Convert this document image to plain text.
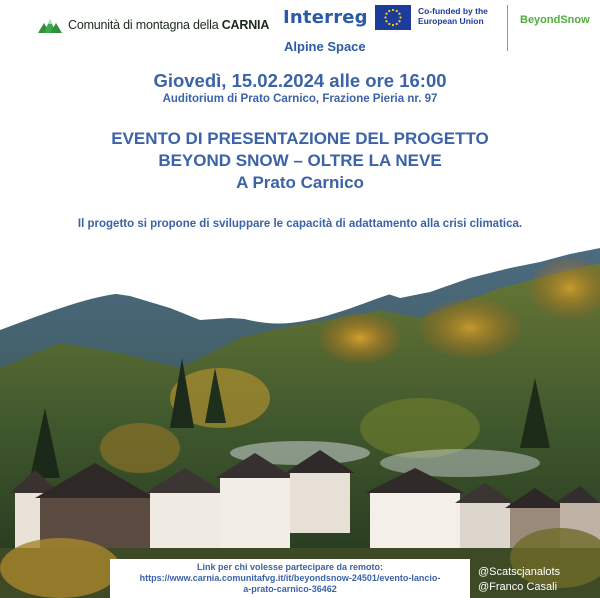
Comunità di montagna della CARNIA Interreg
Alpine Space
Co-funded by the European Union	BeyondSnow
Giovedì, 15.02.2024 alle ore 16:00
Auditorium di Prato Carnico, Frazione Pieria nr. 97
EVENTO DI PRESENTAZIONE DEL PROGETTO
BEYOND SNOW – OLTRE LA NEVE
A Prato Carnico
Il progetto si propone di sviluppare le capacità di adattamento alla crisi climatica.
Link per chi volesse partecipare da remoto:
https://www.carnia.comunitafvg.it/it/beyondsnow-24501/evento-lancio-
a-prato-carnico-36462
@Scatscjanalots
@Franco Casali
